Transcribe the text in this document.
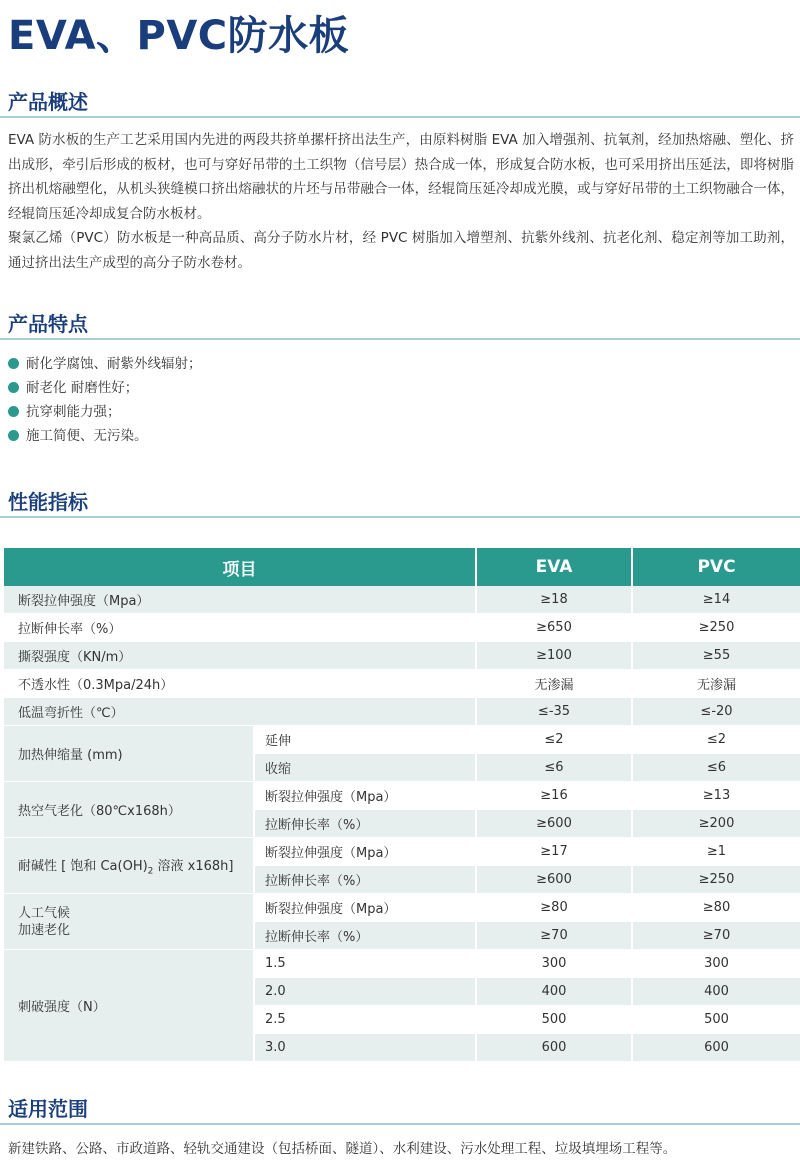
EVA、PVC防水板
产品概述

EVA 防水板的生产工艺采用国内先进的两段共挤单摞杆挤出法生产，由原料树脂 EVA 加入增强剂、抗氧剂，经加热熔融、塑化、挤出成形，牵引后形成的板材，也可与穿好吊带的土工织物（信号层）热合成一体，形成复合防水板，也可采用挤出压延法，即将树脂挤出机熔融塑化，从机头狭缝模口挤出熔融状的片坯与吊带融合一体，经辊筒压延冷却成光膜，或与穿好吊带的土工织物融合一体，经辊筒压延冷却成复合防水板材。

聚氯乙烯（PVC）防水板是一种高品质、高分子防水片材，经 PVC 树脂加入增塑剂、抗紫外线剂、抗老化剂、稳定剂等加工助剂，通过挤出法生产成型的高分子防水卷材。

产品特点
耐化学腐蚀、耐紫外线辐射；
耐老化 耐磨性好；
抗穿刺能力强；
施工简便、无污染。
性能指标
项目		EVA	PVC
断裂拉伸强度（Mpa）		≥18	≥14
拉断伸长率（%）		≥650	≥250
撕裂强度（KN/m）		≥100	≥55
不透水性（0.3Mpa/24h）		无渗漏	无渗漏
低温弯折性（℃）		≤-35	≤-20
加热伸缩量 (mm)	延伸	≤2	≤2
	收缩	≤6	≤6
热空气老化（80℃x168h）	断裂拉伸强度（Mpa）	≥16	≥13
	拉断伸长率（%）	≥600	≥200
耐碱性 [ 饱和 $Ca(OH)_2$ 溶液 x168h]	断裂拉伸强度（Mpa）	≥17	≥1
	拉断伸长率（%）	≥600	≥250
人工气候
加速老化	断裂拉伸强度（Mpa）	≥80	≥80
	拉断伸长率（%）	≥70	≥70
刺破强度（N）	1.5	300	300
	2.0	400	400
	2.5	500	500
	3.0	600	600
适用范围

新建铁路、公路、市政道路、轻轨交通建设（包括桥面、隧道）、水利建设、污水处理工程、垃圾填埋场工程等。
